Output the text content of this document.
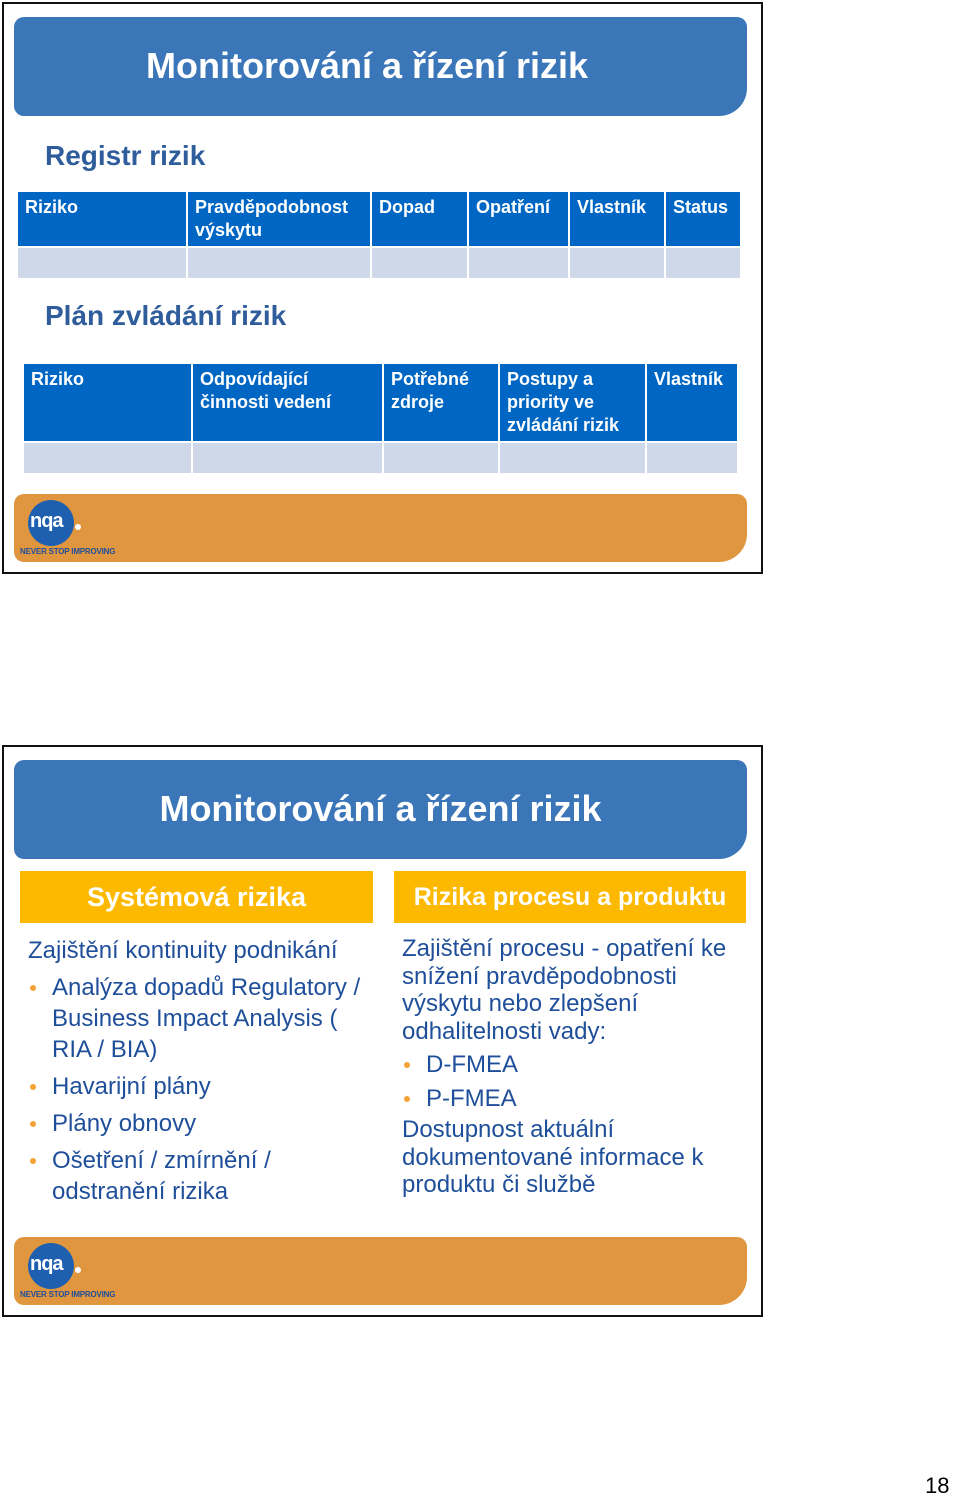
Monitorování a řízení rizik
Registr rizik
Riziko	Pravděpodobnost výskytu	Dopad	Opatření	Vlastník	Status

Plán zvládání rizik
Riziko	Odpovídající činnosti vedení	Potřebné zdroje	Postupy a priority ve zvládání rizik	Vlastník

nqa
NEVER STOP IMPROVING
Monitorování a řízení rizik
Systémová rizika	Rizika procesu a produktu
Zajištění kontinuity podnikání
Analýza dopadů Regulatory / Business Impact Analysis ( RIA / BIA)
Havarijní plány
Plány obnovy
Ošetření / zmírnění / odstranění rizika
Zajištění procesu - opatření ke snížení pravděpodobnosti výskytu nebo zlepšení odhalitelnosti vady:
D-FMEA
P-FMEA
Dostupnost aktuální dokumentované informace k produktu či službě
nqa
NEVER STOP IMPROVING
18
